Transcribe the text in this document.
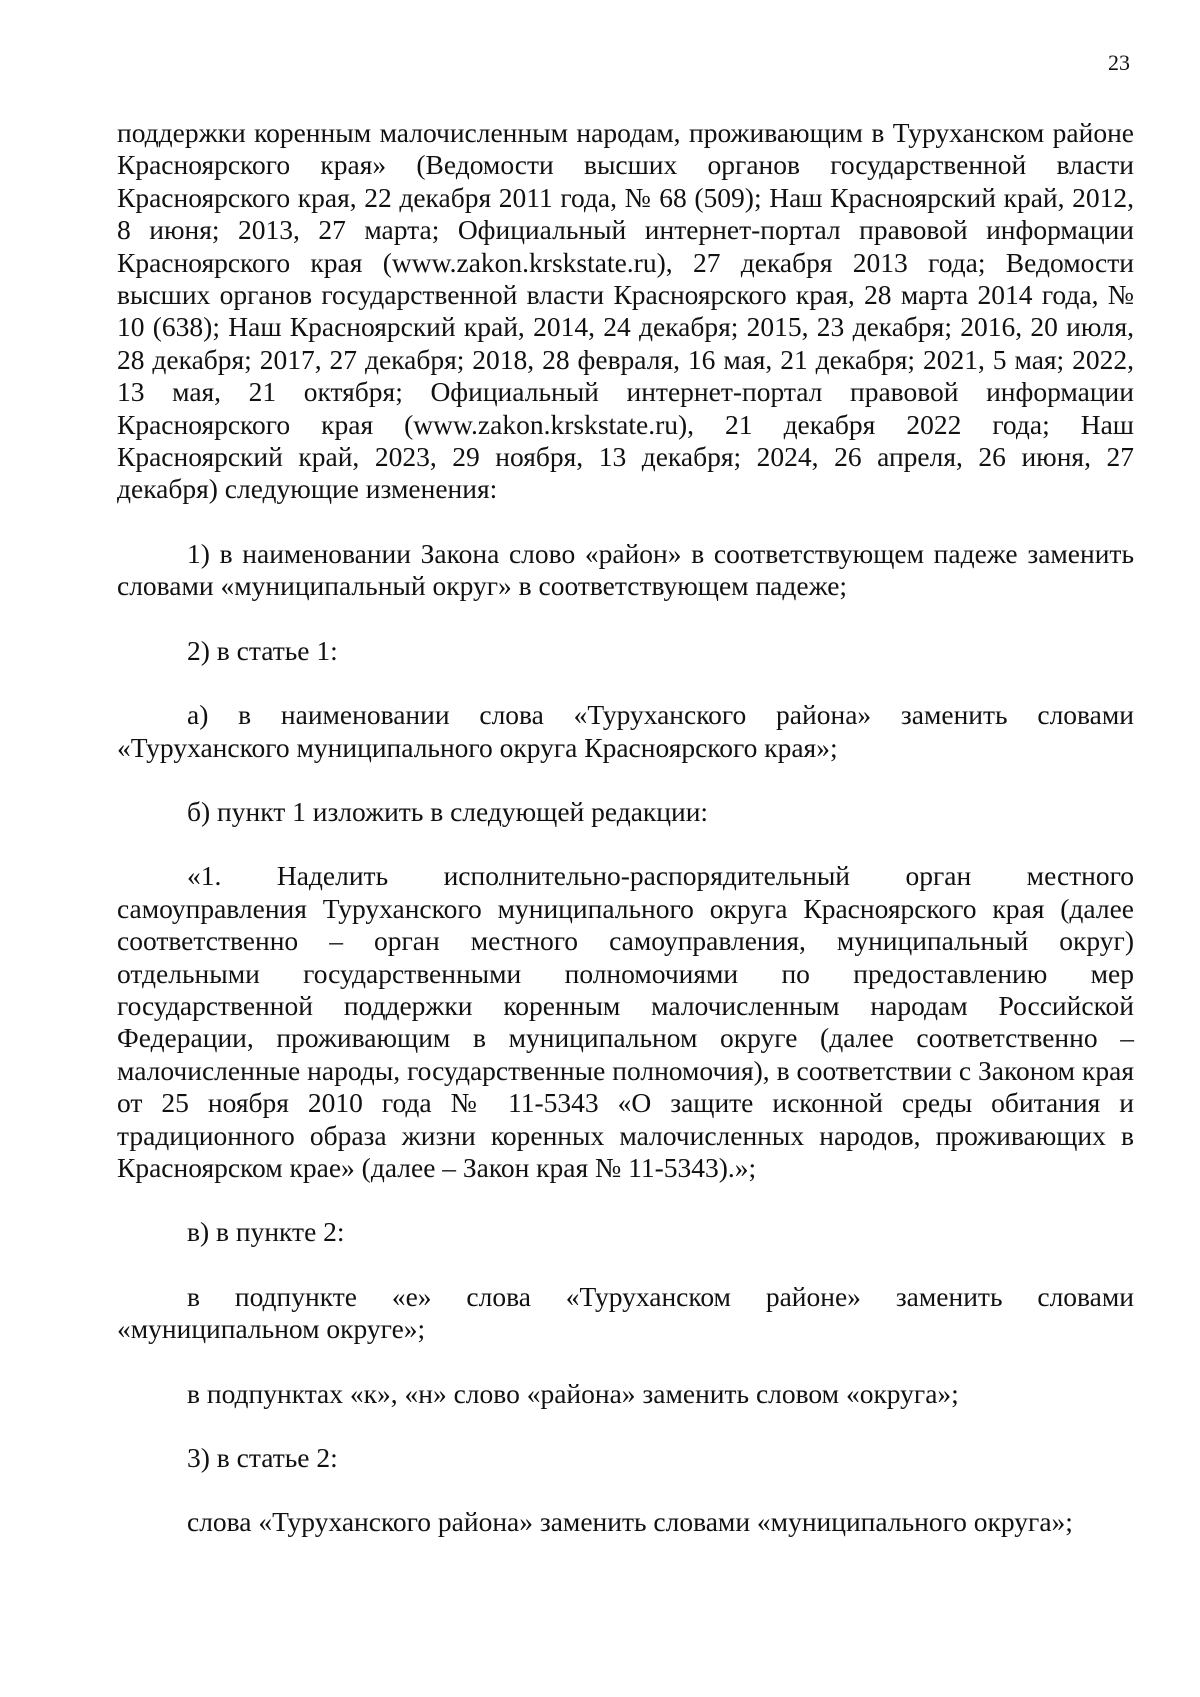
23

поддержки коренным малочисленным народам, проживающим в Туруханском районе Красноярского края» (Ведомости высших органов государственной власти Красноярского края, 22 декабря 2011 года, № 68 (509); Наш Красноярский край, 2012, 8 июня; 2013, 27 марта; Официальный интернет-портал правовой информации Красноярского края (www.zakon.krskstate.ru), 27 декабря 2013 года; Ведомости высших органов государственной власти Красноярского края, 28 марта 2014 года, № 10 (638); Наш Красноярский край, 2014, 24 декабря; 2015, 23 декабря; 2016, 20 июля, 28 декабря; 2017, 27 декабря; 2018, 28 февраля, 16 мая, 21 декабря; 2021, 5 мая; 2022, 13 мая, 21 октября; Официальный интернет-портал правовой информации Красноярского края (www.zakon.krskstate.ru), 21 декабря 2022 года; Наш Красноярский край, 2023, 29 ноября, 13 декабря; 2024, 26 апреля, 26 июня, 27 декабря) следующие изменения:

1) в наименовании Закона слово «район» в соответствующем падеже заменить словами «муниципальный округ» в соответствующем падеже;

2) в статье 1:

а) в наименовании слова «Туруханского района» заменить словами «Туруханского муниципального округа Красноярского края»;

б) пункт 1 изложить в следующей редакции:

«1. Наделить исполнительно-распорядительный орган местного самоуправления Туруханского муниципального округа Красноярского края (далее соответственно – орган местного самоуправления, муниципальный округ) отдельными государственными полномочиями по предоставлению мер государственной поддержки коренным малочисленным народам Российской Федерации, проживающим в муниципальном округе (далее соответственно – малочисленные народы, государственные полномочия), в соответствии с Законом края от 25 ноября 2010 года № 11-5343 «О защите исконной среды обитания и традиционного образа жизни коренных малочисленных народов, проживающих в Красноярском крае» (далее – Закон края № 11-5343).»;

в) в пункте 2:

в подпункте «е» слова «Туруханском районе» заменить словами «муниципальном округе»;

в подпунктах «к», «н» слово «района» заменить словом «округа»;

3) в статье 2:

слова «Туруханского района» заменить словами «муниципального округа»;
